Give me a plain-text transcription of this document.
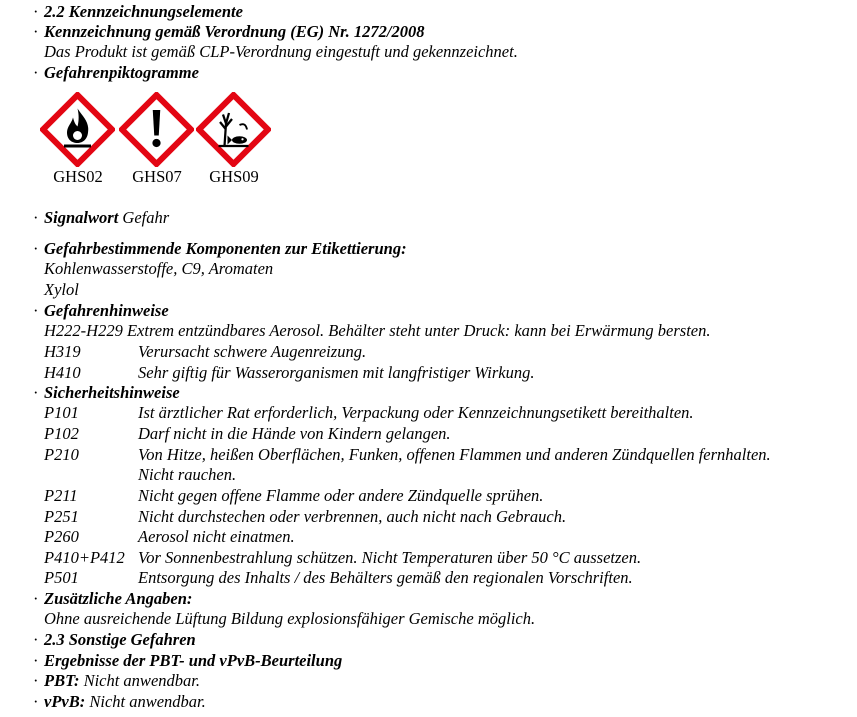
· 2.2 Kennzeichnungselemente
· Kennzeichnung gemäß Verordnung (EG) Nr. 1272/2008
Das Produkt ist gemäß CLP-Verordnung eingestuft und gekennzeichnet.
· Gefahrenpiktogramme
GHS02	GHS07	GHS09
· Signalwort Gefahr
· Gefahrbestimmende Komponenten zur Etikettierung:
Kohlenwasserstoffe, C9, Aromaten
Xylol
· Gefahrenhinweise
H222-H229 Extrem entzündbares Aerosol. Behälter steht unter Druck: kann bei Erwärmung bersten.
H319	Verursacht schwere Augenreizung.
H410	Sehr giftig für Wasserorganismen mit langfristiger Wirkung.
· Sicherheitshinweise
P101	Ist ärztlicher Rat erforderlich, Verpackung oder Kennzeichnungsetikett bereithalten.
P102	Darf nicht in die Hände von Kindern gelangen.
P210	Von Hitze, heißen Oberflächen, Funken, offenen Flammen und anderen Zündquellen fernhalten.
Nicht rauchen.
P211	Nicht gegen offene Flamme oder andere Zündquelle sprühen.
P251	Nicht durchstechen oder verbrennen, auch nicht nach Gebrauch.
P260	Aerosol nicht einatmen.
P410+P412 Vor Sonnenbestrahlung schützen. Nicht Temperaturen über 50 °C aussetzen.
P501	Entsorgung des Inhalts / des Behälters gemäß den regionalen Vorschriften.
· Zusätzliche Angaben:
Ohne ausreichende Lüftung Bildung explosionsfähiger Gemische möglich.
· 2.3 Sonstige Gefahren
· Ergebnisse der PBT- und vPvB-Beurteilung
· PBT: Nicht anwendbar.
· vPvB: Nicht anwendbar.
